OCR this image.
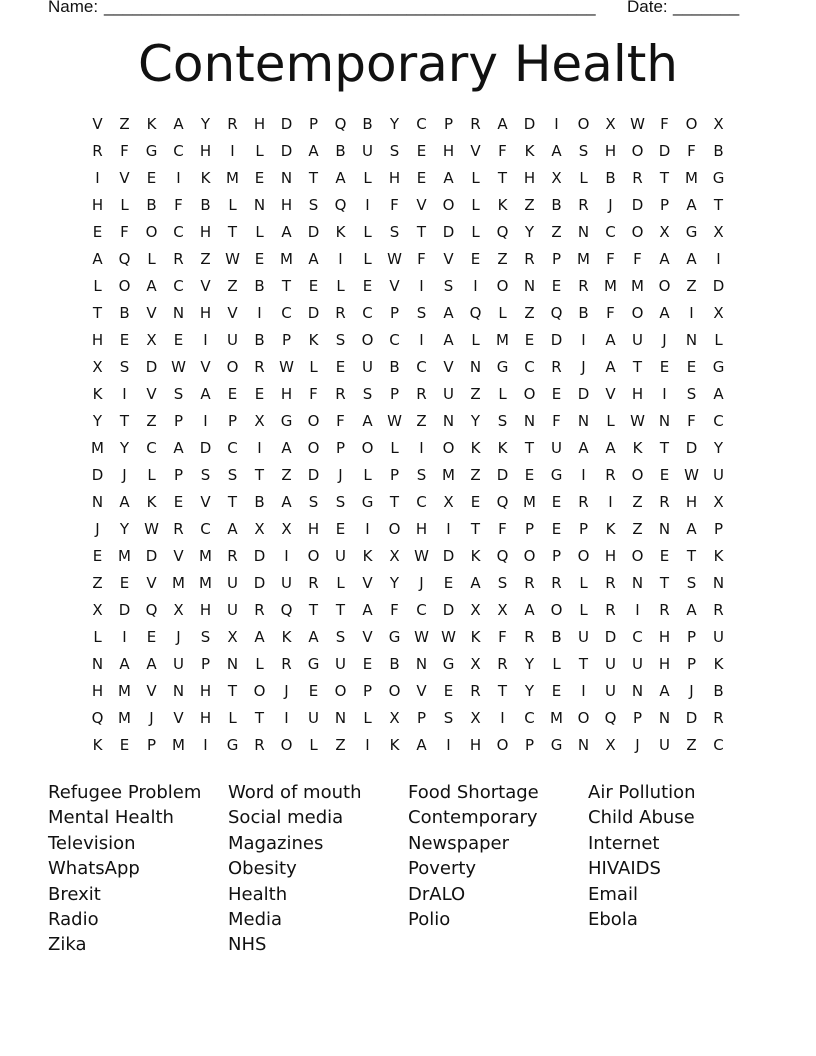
Name: ____________________________________________________ Date: _______
Contemporary Health
V	Z	K	A	Y	R	H	D	P	Q	B	Y	C	P	R	A	D	I	O	X W	F	O	X
R	F	G	C	H	I	L	D	A	B	U	S	E	H	V	F	K	A	S	H	O	D	F	B
I	V	E	I	K	M	E	N	T	A	L	H	E	A	L	T	H	X	L	B	R	T	M G
H	L	B	F	B	L	N	H	S	Q	I	F	V	O	L	K	Z	B	R	J	D	P	A	T
E	F	O	C	H	T	L	A	D	K	L	S	T	D	L	Q	Y	Z	N	C	O	X	G	X
A	Q	L	R	Z W E	M	A	I	L	W	F	V	E	Z	R	P	M	F	F	A	A	I
L	O	A	C	V	Z	B	T	E	L	E	V	I	S	I	O	N	E	R	M M O	Z	D
T	B	V	N	H	V	I	C	D	R	C	P	S	A	Q	L	Z	Q	B	F	O	A	I	X
H	E	X	E	I	U	B	P	K	S	O	C	I	A	L	M	E	D	I	A	U	J	N	L
X	S	D W V	O	R W	L	E	U	B	C	V	N	G	C	R	J	A	T	E	E	G
K	I	V	S	A	E	E	H	F	R	S	P	R	U	Z	L	O	E	D	V	H	I	S	A
Y	T	Z	P	I	P	X	G	O	F	A W Z	N	Y	S	N	F	N	L	W N	F	C
M	Y	C	A	D	C	I	A	O	P	O	L	I	O	K	K	T	U	A	A	K	T	D	Y
D	J	L	P	S	S	T	Z	D	J	L	P	S	M	Z	D	E	G	I	R	O	E W U
N	A	K	E	V	T	B	A	S	S	G	T	C	X	E	Q M	E	R	I	Z	R	H	X
J	Y	W R	C	A	X	X	H	E	I	O	H	I	T	F	P	E	P	K	Z	N	A	P
E	M D	V	M	R	D	I	O	U	K	X W D	K	Q	O	P	O	H	O	E	T	K
Z	E	V	M M	U	D	U	R	L	V	Y	J	E	A	S	R	R	L	R	N	T	S	N
X	D	Q	X	H	U	R	Q	T	T	A	F	C	D	X	X	A	O	L	R	I	R	A	R
L	I	E	J	S	X	A	K	A	S	V	G W W K	F	R	B	U	D	C	H	P	U
N	A	A	U	P	N	L	R	G	U	E	B	N	G	X	R	Y	L	T	U	U	H	P	K
H M	V	N	H	T	O	J	E	O	P	O	V	E	R	T	Y	E	I	U	N	A	J	B
Q M	J	V	H	L	T	I	U	N	L	X	P	S	X	I	C	M O	Q	P	N	D	R
K	E	P	M	I	G	R	O	L	Z	I	K	A	I	H	O	P	G	N	X	J	U	Z	C
Refugee Problem
Mental Health
Television
WhatsApp
Brexit
Radio
Zika
Word of mouth
Social media
Magazines
Obesity
Health
Media
NHS
Food Shortage
Contemporary
Newspaper
Poverty
DrALO
Polio
Air Pollution
Child Abuse
Internet
HIVAIDS
Email
Ebola
